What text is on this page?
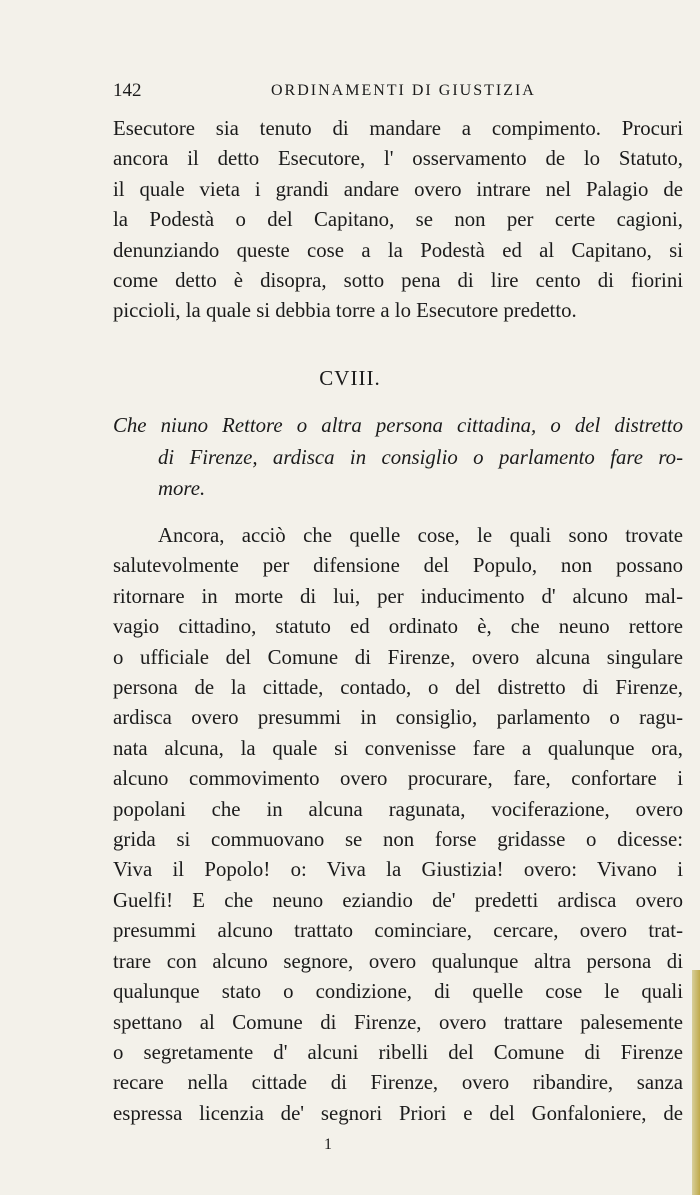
142	ORDINAMENTI DI GIUSTIZIA
Esecutore sia tenuto di mandare a compimento. Procuri
ancora il detto Esecutore, l' osservamento de lo Statuto,
il quale vieta i grandi andare overo intrare nel Palagio de
la Podestà o del Capitano, se non per certe cagioni,
denunziando queste cose a la Podestà ed al Capitano, si
come detto è disopra, sotto pena di lire cento di fiorini
piccioli, la quale si debbia torre a lo Esecutore predetto.
CVIII.
Che niuno Rettore o altra persona cittadina, o del distretto
di Firenze, ardisca in consiglio o parlamento fare ro-
more.
Ancora, acciò che quelle cose, le quali sono trovate
salutevolmente per difensione del Populo, non possano
ritornare in morte di lui, per inducimento d' alcuno mal-
vagio cittadino, statuto ed ordinato è, che neuno rettore
o ufficiale del Comune di Firenze, overo alcuna singulare
persona de la cittade, contado, o del distretto di Firenze,
ardisca overo presummi in consiglio, parlamento o ragu-
nata alcuna, la quale si convenisse fare a qualunque ora,
alcuno commovimento overo procurare, fare, confortare i
popolani che in alcuna ragunata, vociferazione, overo
grida si commuovano se non forse gridasse o dicesse:
Viva il Popolo! o: Viva la Giustizia! overo: Vivano i
Guelfi! E che neuno eziandio de' predetti ardisca overo
presummi alcuno trattato cominciare, cercare, overo trat-
trare con alcuno segnore, overo qualunque altra persona di
qualunque stato o condizione, di quelle cose le quali
spettano al Comune di Firenze, overo trattare palesemente
o segretamente d' alcuni ribelli del Comune di Firenze
recare nella cittade di Firenze, overo ribandire, sanza
espressa licenzia de' segnori Priori e del Gonfaloniere, de
1
